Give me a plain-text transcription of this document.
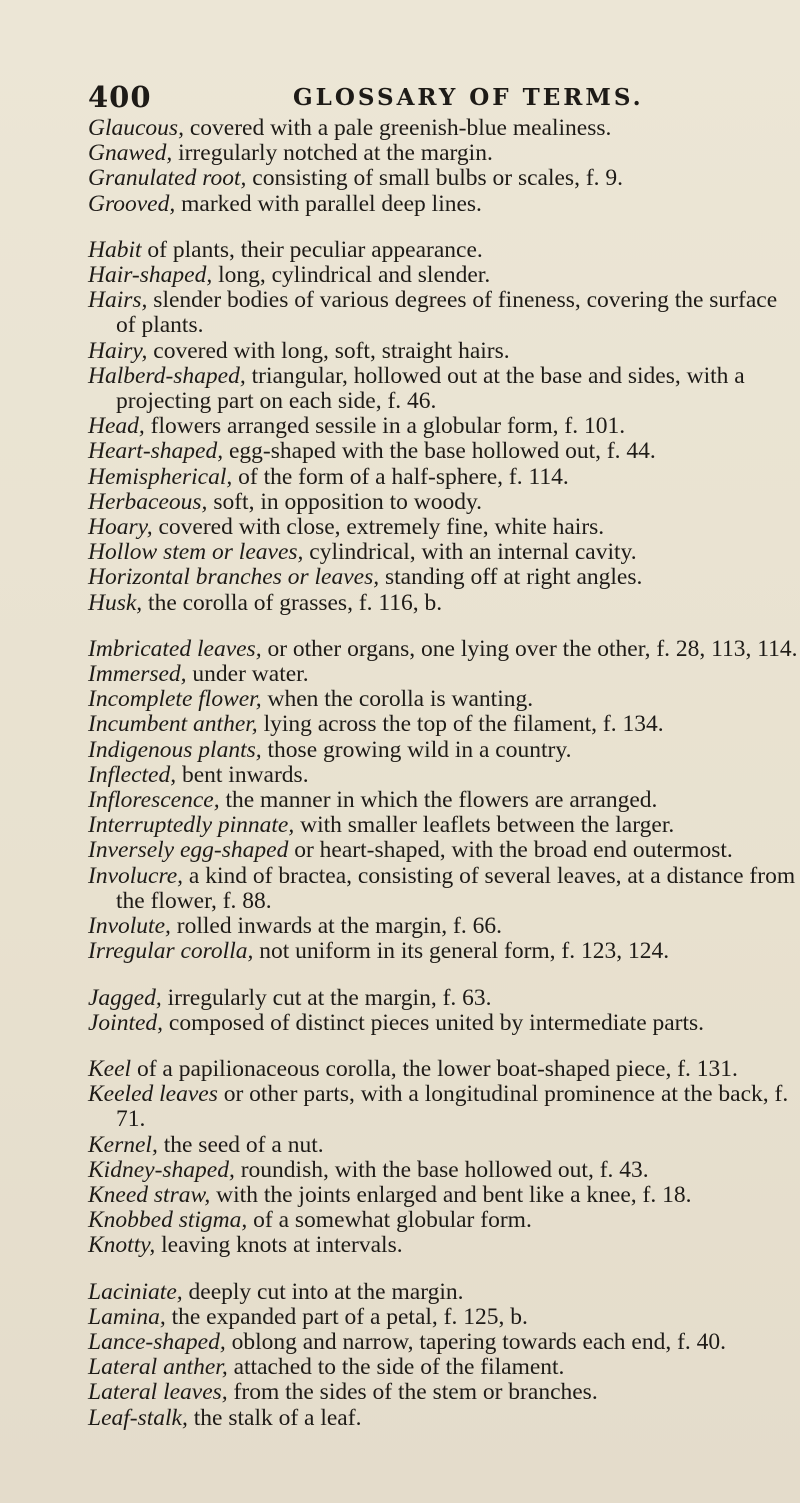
400	GLOSSARY OF TERMS.

Glaucous, covered with a pale greenish-blue mealiness.

Gnawed, irregularly notched at the margin.

Granulated root, consisting of small bulbs or scales, f. 9.

Grooved, marked with parallel deep lines.

Habit of plants, their peculiar appearance.

Hair-shaped, long, cylindrical and slender.

Hairs, slender bodies of various degrees of fineness, covering the surface of plants.

Hairy, covered with long, soft, straight hairs.

Halberd-shaped, triangular, hollowed out at the base and sides, with a projecting part on each side, f. 46.

Head, flowers arranged sessile in a globular form, f. 101.

Heart-shaped, egg-shaped with the base hollowed out, f. 44.

Hemispherical, of the form of a half-sphere, f. 114.

Herbaceous, soft, in opposition to woody.

Hoary, covered with close, extremely fine, white hairs.

Hollow stem or leaves, cylindrical, with an internal cavity.

Horizontal branches or leaves, standing off at right angles.

Husk, the corolla of grasses, f. 116, b.

Imbricated leaves, or other organs, one lying over the other, f. 28, 113, 114.

Immersed, under water.

Incomplete flower, when the corolla is wanting.

Incumbent anther, lying across the top of the filament, f. 134.

Indigenous plants, those growing wild in a country.

Inflected, bent inwards.

Inflorescence, the manner in which the flowers are arranged.

Interruptedly pinnate, with smaller leaflets between the larger.

Inversely egg-shaped or heart-shaped, with the broad end outermost.

Involucre, a kind of bractea, consisting of several leaves, at a distance from the flower, f. 88.

Involute, rolled inwards at the margin, f. 66.

Irregular corolla, not uniform in its general form, f. 123, 124.

Jagged, irregularly cut at the margin, f. 63.

Jointed, composed of distinct pieces united by intermediate parts.

Keel of a papilionaceous corolla, the lower boat-shaped piece, f. 131.

Keeled leaves or other parts, with a longitudinal prominence at the back, f. 71.

Kernel, the seed of a nut.

Kidney-shaped, roundish, with the base hollowed out, f. 43.

Kneed straw, with the joints enlarged and bent like a knee, f. 18.

Knobbed stigma, of a somewhat globular form.

Knotty, leaving knots at intervals.

Laciniate, deeply cut into at the margin.

Lamina, the expanded part of a petal, f. 125, b.

Lance-shaped, oblong and narrow, tapering towards each end, f. 40.

Lateral anther, attached to the side of the filament.

Lateral leaves, from the sides of the stem or branches.

Leaf-stalk, the stalk of a leaf.
